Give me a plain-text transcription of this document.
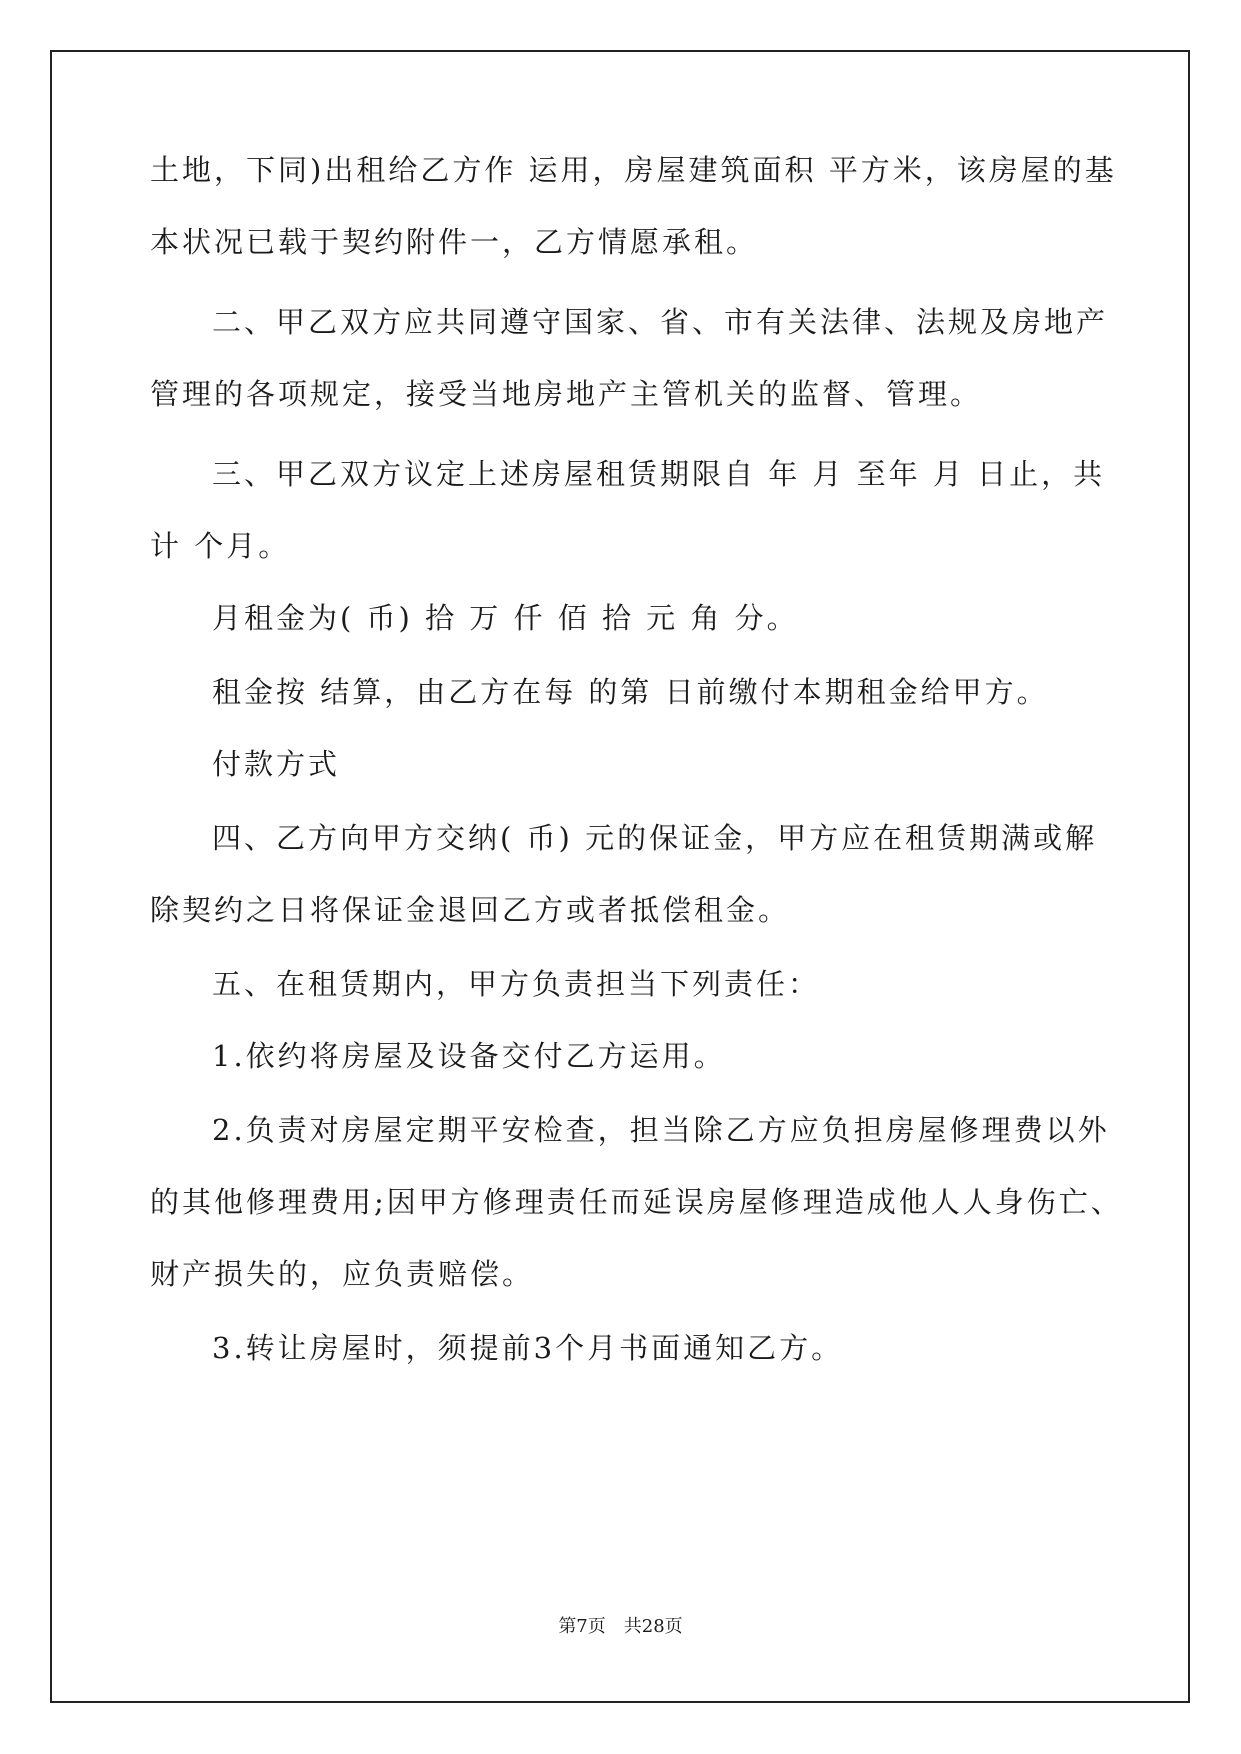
土地，下同)出租给乙方作 运用，房屋建筑面积 平方米，该房屋的基

本状况已载于契约附件一，乙方情愿承租。

二、甲乙双方应共同遵守国家、省、市有关法律、法规及房地产

管理的各项规定，接受当地房地产主管机关的监督、管理。

三、甲乙双方议定上述房屋租赁期限自 年 月 至年 月 日止，共

计 个月。

月租金为( 币) 拾 万 仟 佰 拾 元 角 分。

租金按 结算，由乙方在每 的第 日前缴付本期租金给甲方。

付款方式

四、乙方向甲方交纳( 币) 元的保证金，甲方应在租赁期满或解

除契约之日将保证金退回乙方或者抵偿租金。

五、在租赁期内，甲方负责担当下列责任：

1.依约将房屋及设备交付乙方运用。

2.负责对房屋定期平安检查，担当除乙方应负担房屋修理费以外

的其他修理费用;因甲方修理责任而延误房屋修理造成他人人身伤亡、

财产损失的，应负责赔偿。

3.转让房屋时，须提前3个月书面通知乙方。

第7页　共28页
